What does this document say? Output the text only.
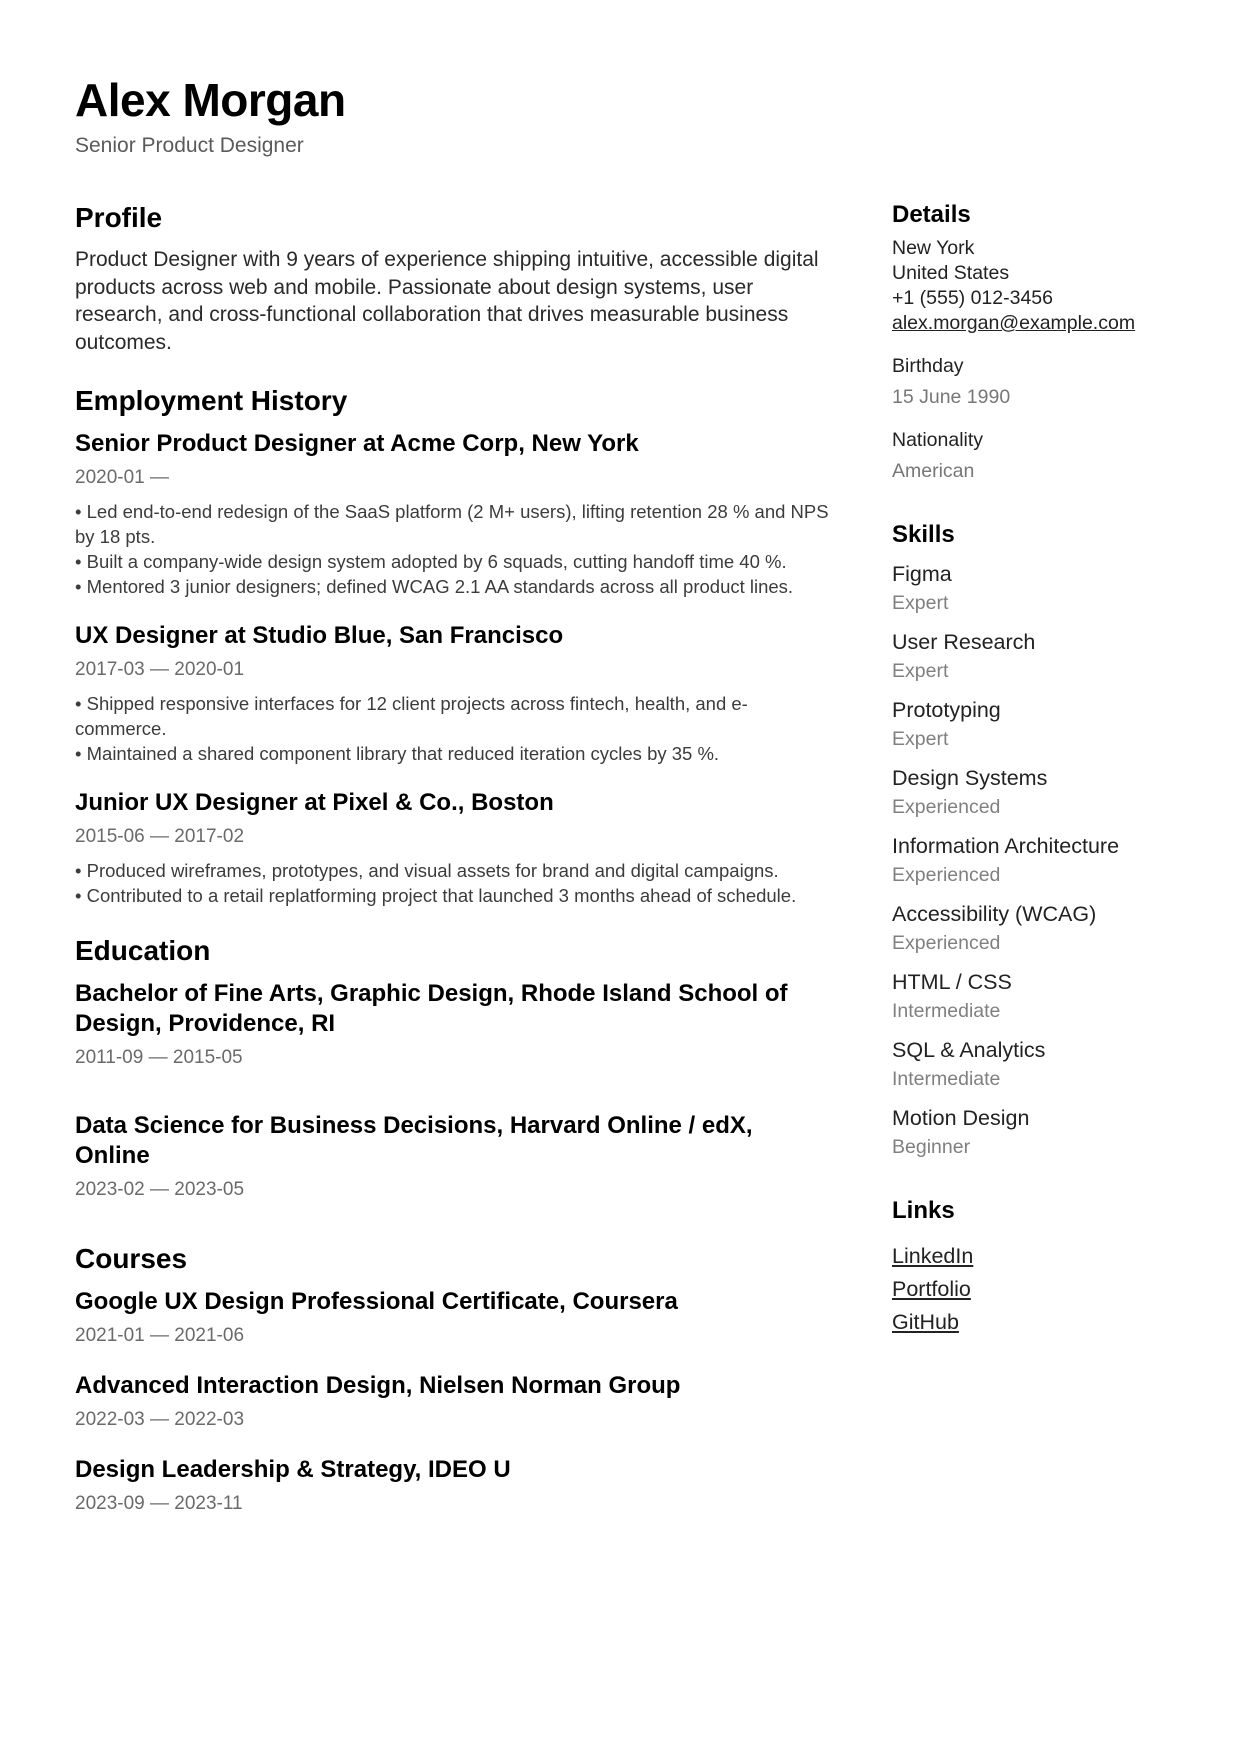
Alex Morgan
Senior Product Designer
Profile

Product Designer with 9 years of experience shipping intuitive, accessible digital products across web and mobile. Passionate about design systems, user research, and cross-functional collaboration that drives measurable business outcomes.

Employment History
Senior Product Designer at Acme Corp, New York
2020-01 —
• Led end-to-end redesign of the SaaS platform (2 M+ users), lifting retention 28 % and NPS by 18 pts.
• Built a company-wide design system adopted by 6 squads, cutting handoff time 40 %.
• Mentored 3 junior designers; defined WCAG 2.1 AA standards across all product lines.
UX Designer at Studio Blue, San Francisco
2017-03 — 2020-01
• Shipped responsive interfaces for 12 client projects across fintech, health, and e-commerce.
• Maintained a shared component library that reduced iteration cycles by 35 %.
Junior UX Designer at Pixel & Co., Boston
2015-06 — 2017-02
• Produced wireframes, prototypes, and visual assets for brand and digital campaigns.
• Contributed to a retail replatforming project that launched 3 months ahead of schedule.
Education
Bachelor of Fine Arts, Graphic Design, Rhode Island School of Design, Providence, RI
2011-09 — 2015-05
Data Science for Business Decisions, Harvard Online / edX, Online
2023-02 — 2023-05
Courses
Google UX Design Professional Certificate, Coursera
2021-01 — 2021-06
Advanced Interaction Design, Nielsen Norman Group
2022-03 — 2022-03
Design Leadership & Strategy, IDEO U
2023-09 — 2023-11
Details
New York
United States
+1 (555) 012-3456
alex.morgan@example.com
Birthday
15 June 1990
Nationality
American
Skills
Figma
Expert
User Research
Expert
Prototyping
Expert
Design Systems
Experienced
Information Architecture
Experienced
Accessibility (WCAG)
Experienced
HTML / CSS
Intermediate
SQL & Analytics
Intermediate
Motion Design
Beginner
Links
LinkedIn
Portfolio
GitHub
